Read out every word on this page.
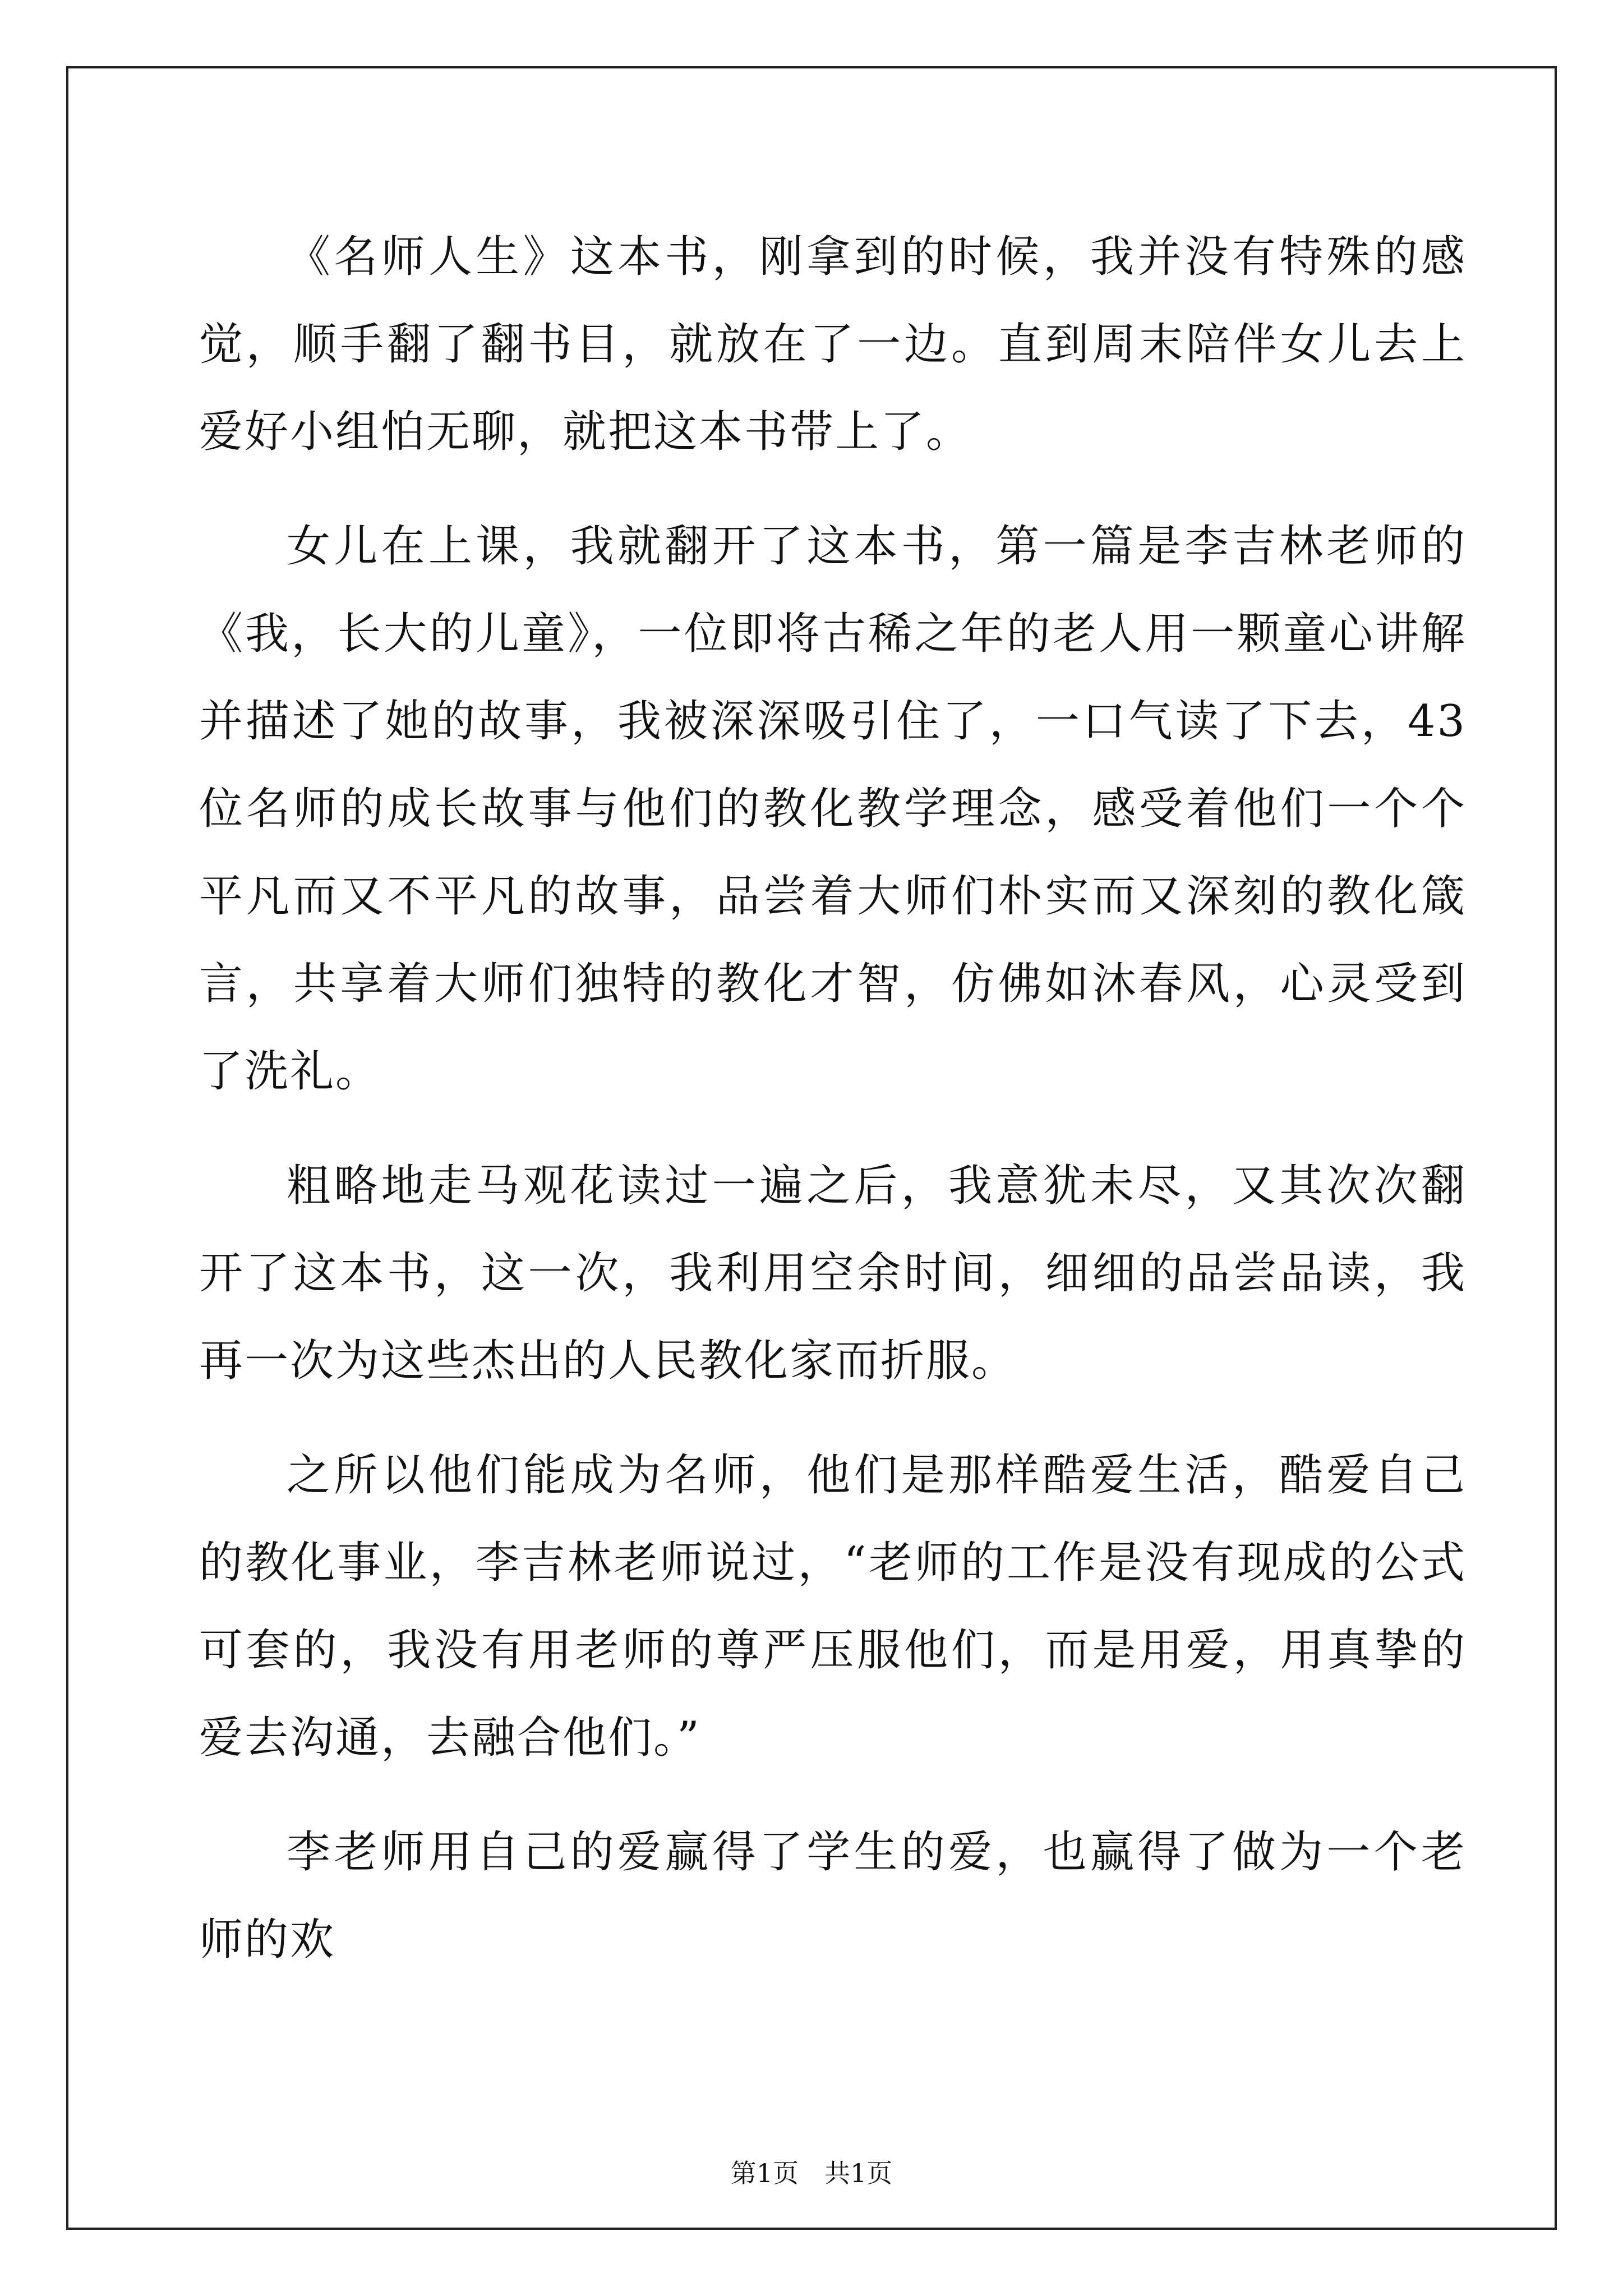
《名师人生》这本书，刚拿到的时候，我并没有特殊的感觉，顺手翻了翻书目，就放在了一边。直到周末陪伴女儿去上爱好小组怕无聊，就把这本书带上了。

女儿在上课，我就翻开了这本书，第一篇是李吉林老师的《我，长大的儿童》，一位即将古稀之年的老人用一颗童心讲解并描述了她的故事，我被深深吸引住了，一口气读了下去，43位名师的成长故事与他们的教化教学理念，感受着他们一个个平凡而又不平凡的故事，品尝着大师们朴实而又深刻的教化箴言，共享着大师们独特的教化才智，仿佛如沐春风，心灵受到了洗礼。

粗略地走马观花读过一遍之后，我意犹未尽，又其次次翻开了这本书，这一次，我利用空余时间，细细的品尝品读，我再一次为这些杰出的人民教化家而折服。

之所以他们能成为名师，他们是那样酷爱生活，酷爱自己的教化事业，李吉林老师说过，“老师的工作是没有现成的公式可套的，我没有用老师的尊严压服他们，而是用爱，用真挚的爱去沟通，去融合他们。”

李老师用自己的爱赢得了学生的爱，也赢得了做为一个老师的欢

第1页　共1页
